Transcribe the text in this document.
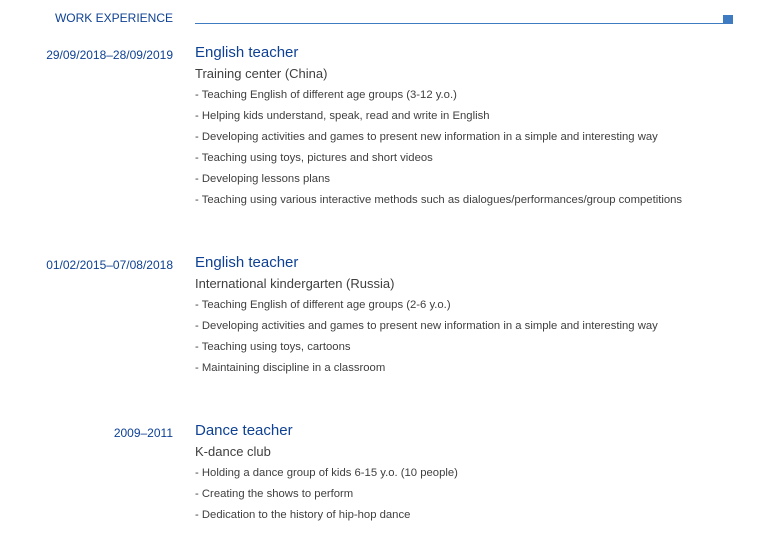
WORK EXPERIENCE
29/09/2018–28/09/2019 English teacher
Training center (China)
- Teaching English of different age groups (3-12 y.o.)
- Helping kids understand, speak, read and write in English
- Developing activities and games to present new information in a simple and interesting way
- Teaching using toys, pictures and short videos
- Developing lessons plans
- Teaching using various interactive methods such as dialogues/performances/group competitions
01/02/2015–07/08/2018 English teacher
International kindergarten (Russia)
- Teaching English of different age groups (2-6 y.o.)
- Developing activities and games to present new information in a simple and interesting way
- Teaching using toys, cartoons
- Maintaining discipline in a classroom
2009–2011 Dance teacher
K-dance club
- Holding a dance group of kids 6-15 y.o. (10 people)
- Creating the shows to perform
- Dedication to the history of hip-hop dance
